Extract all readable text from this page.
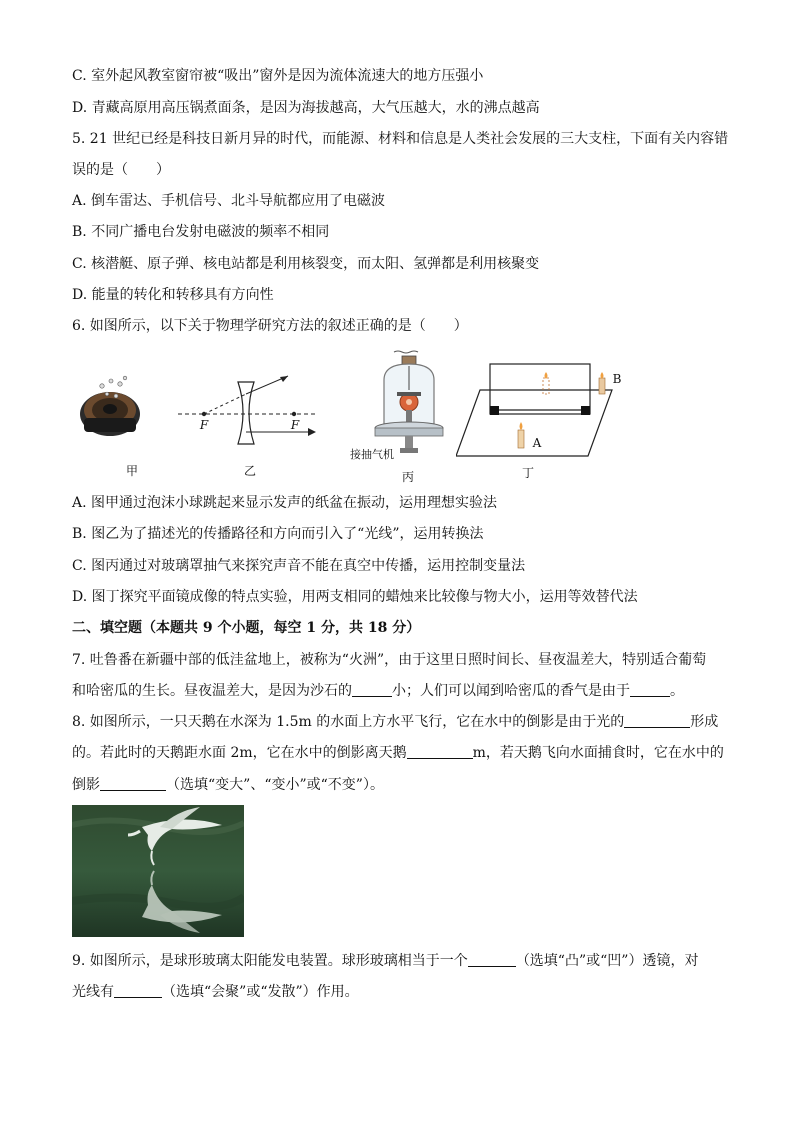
C. 室外起风教室窗帘被“吸出”窗外是因为流体流速大的地方压强小
D. 青藏高原用高压锅煮面条，是因为海拔越高，大气压越大，水的沸点越高
5. 21 世纪已经是科技日新月异的时代，而能源、材料和信息是人类社会发展的三大支柱，下面有关内容错
误的是（　　）
A. 倒车雷达、手机信号、北斗导航都应用了电磁波
B. 不同广播电台发射电磁波的频率不相同
C. 核潜艇、原子弹、核电站都是利用核裂变，而太阳、氢弹都是利用核聚变
D. 能量的转化和转移具有方向性
6. 如图所示，以下关于物理学研究方法的叙述正确的是（　　）
甲
F	F
乙
接抽气机
丙
B
A
丁
A. 图甲通过泡沫小球跳起来显示发声的纸盆在振动，运用理想实验法
B. 图乙为了描述光的传播路径和方向而引入了“光线”，运用转换法
C. 图丙通过对玻璃罩抽气来探究声音不能在真空中传播，运用控制变量法
D. 图丁探究平面镜成像的特点实验，用两支相同的蜡烛来比较像与物大小，运用等效替代法
二、填空题（本题共 9 个小题，每空 1 分，共 18 分）
7. 吐鲁番在新疆中部的低洼盆地上，被称为“火洲”，由于这里日照时间长、昼夜温差大，特别适合葡萄
和哈密瓜的生长。昼夜温差大，是因为沙石的	小；人们可以闻到哈密瓜的香气是由于	。
8. 如图所示，一只天鹅在水深为 1.5m 的水面上方水平飞行，它在水中的倒影是由于光的	形成
的。若此时的天鹅距水面 2m，它在水中的倒影离天鹅	m，若天鹅飞向水面捕食时，它在水中的
倒影	（选填“变大”、“变小”或“不变”）。
9. 如图所示，是球形玻璃太阳能发电装置。球形玻璃相当于一个	（选填“凸”或“凹”）透镜，对
光线有	（选填“会聚”或“发散”）作用。
